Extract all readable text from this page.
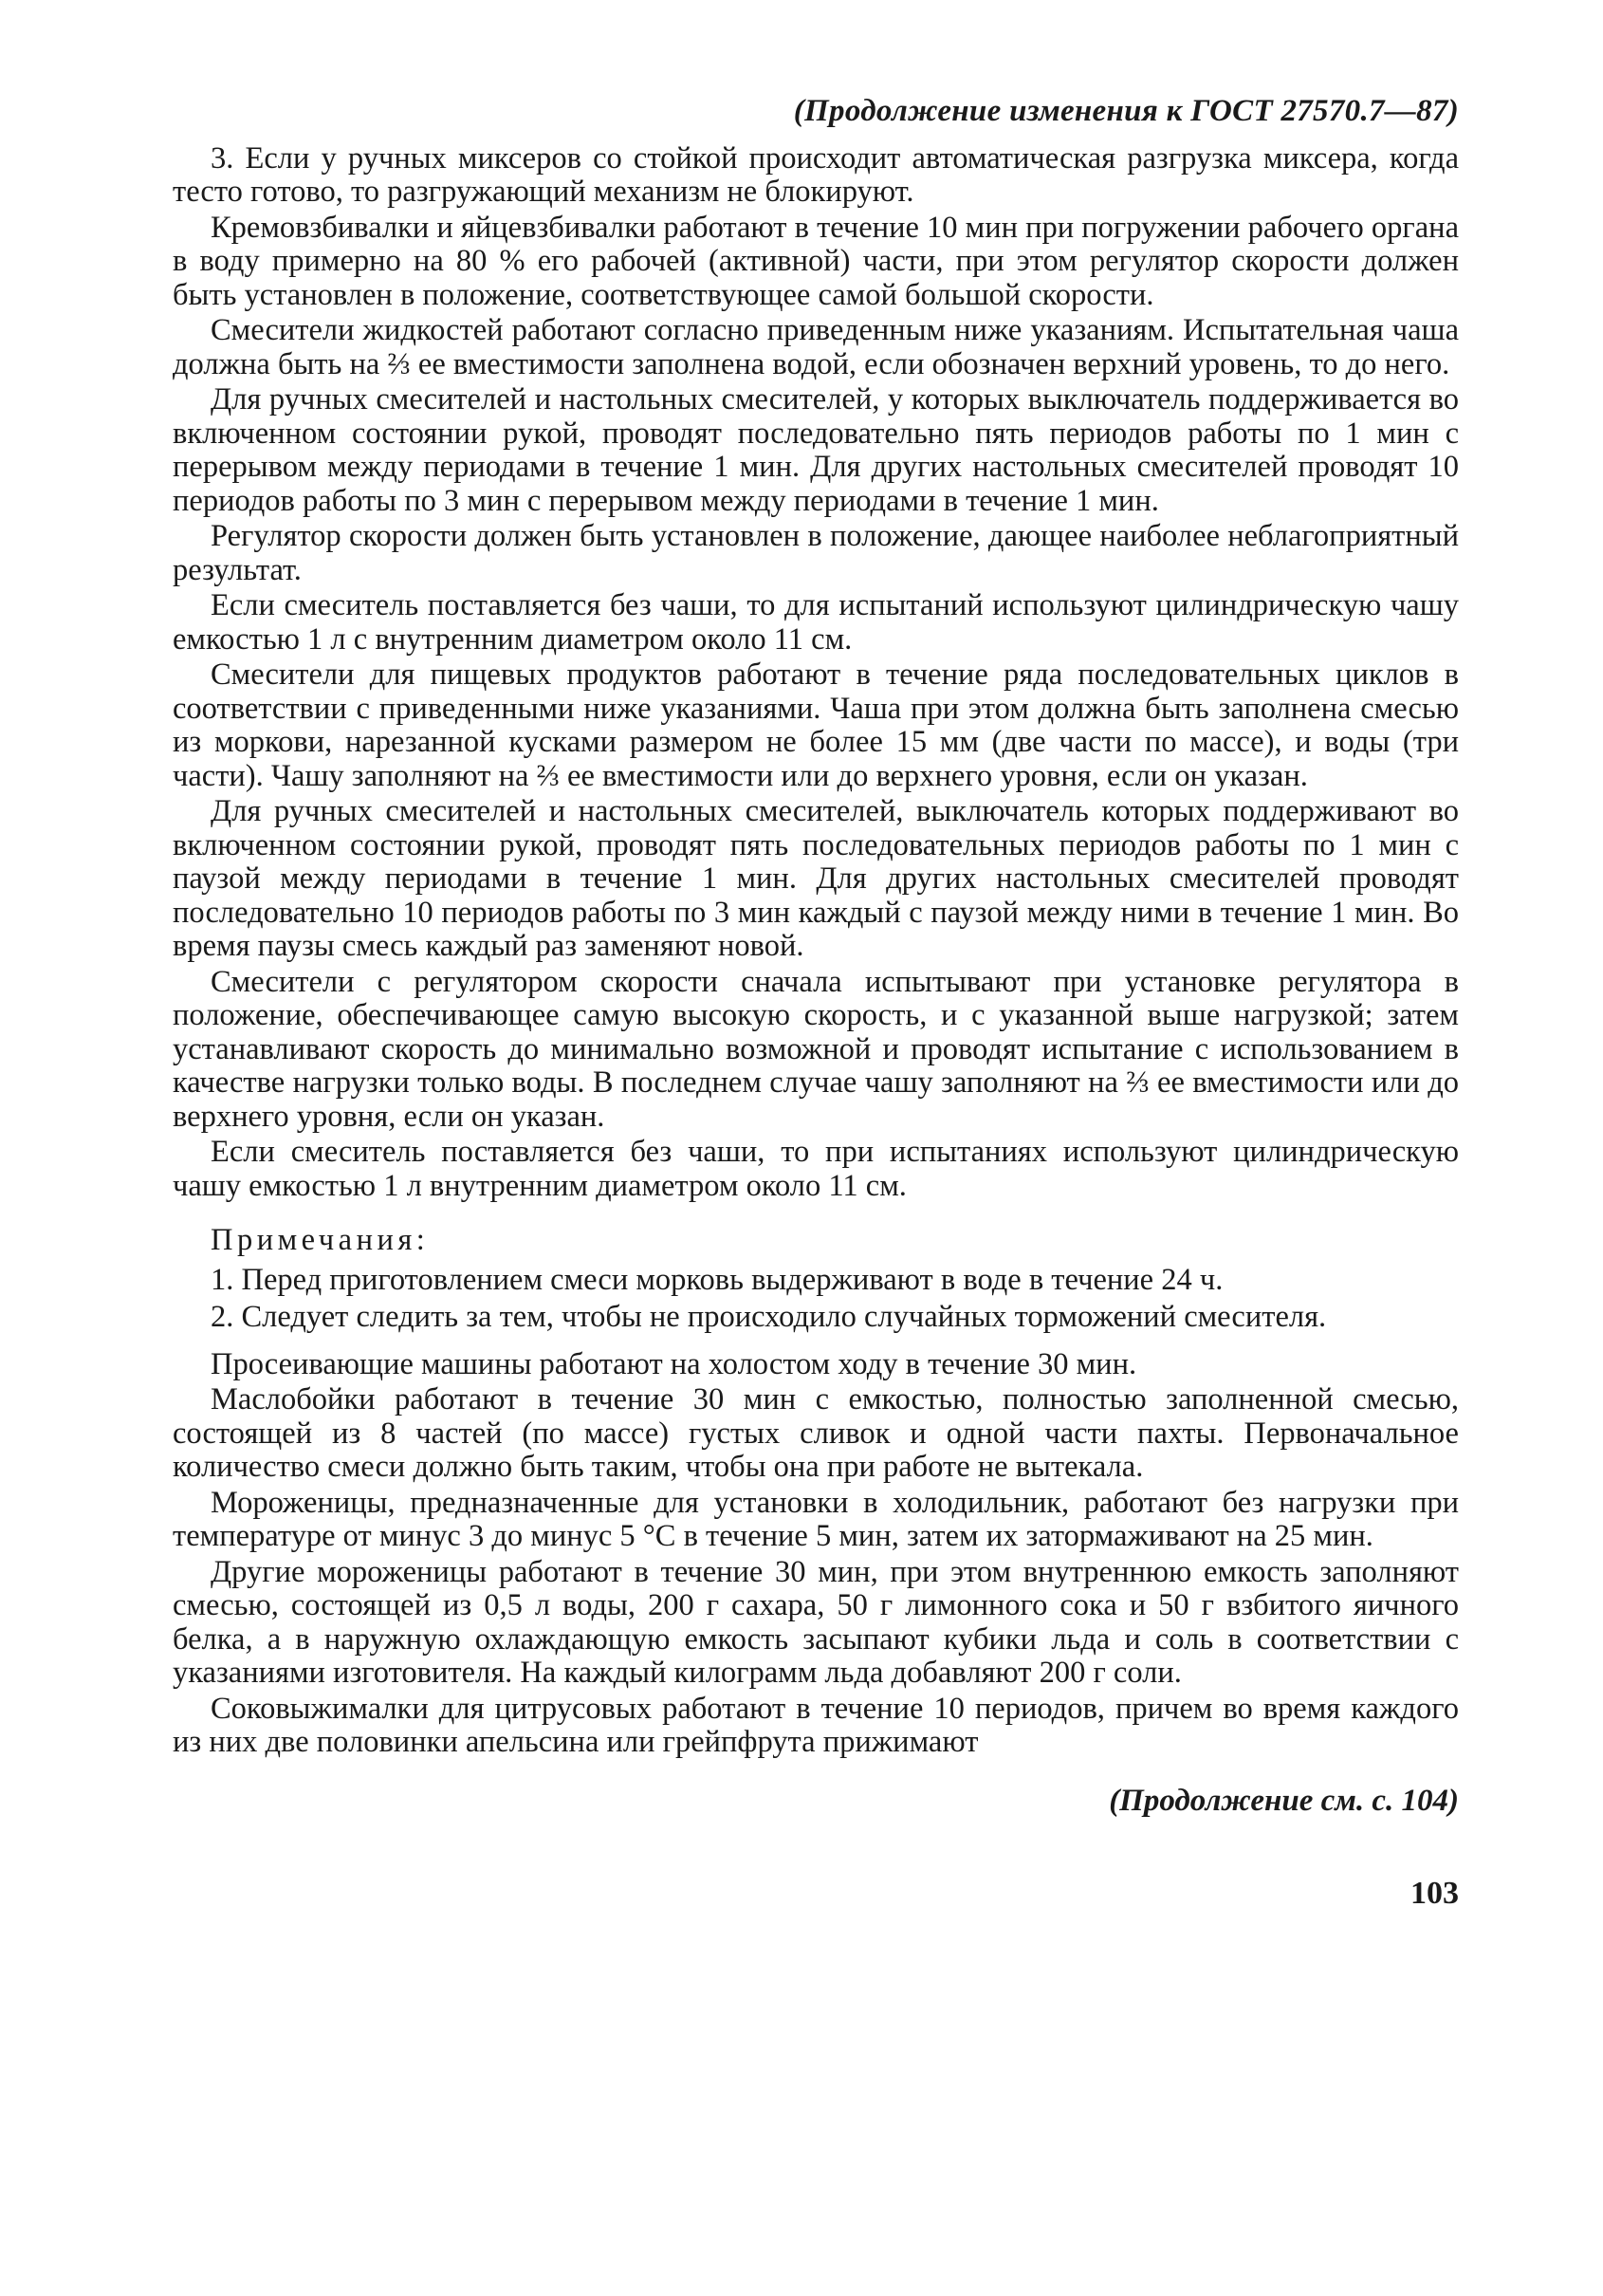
(Продолжение изменения к ГОСТ 27570.7—87)

3. Если у ручных миксеров со стойкой происходит автоматическая разгрузка миксера, когда тесто готово, то разгружающий механизм не блокируют.

Кремовзбивалки и яйцевзбивалки работают в течение 10 мин при погружении рабочего органа в воду примерно на 80 % его рабочей (активной) части, при этом регулятор скорости должен быть установлен в положение, соответствующее самой большой скорости.

Смесители жидкостей работают согласно приведенным ниже указаниям. Испытательная чаша должна быть на ⅔ ее вместимости заполнена водой, если обозначен верхний уровень, то до него.

Для ручных смесителей и настольных смесителей, у которых выключатель поддерживается во включенном состоянии рукой, проводят последовательно пять периодов работы по 1 мин с перерывом между периодами в течение 1 мин. Для других настольных смесителей проводят 10 периодов работы по 3 мин с перерывом между периодами в течение 1 мин.

Регулятор скорости должен быть установлен в положение, дающее наиболее неблагоприятный результат.

Если смеситель поставляется без чаши, то для испытаний используют цилиндрическую чашу емкостью 1 л с внутренним диаметром около 11 см.

Смесители для пищевых продуктов работают в течение ряда последовательных циклов в соответствии с приведенными ниже указаниями. Чаша при этом должна быть заполнена смесью из моркови, нарезанной кусками размером не более 15 мм (две части по массе), и воды (три части). Чашу заполняют на ⅔ ее вместимости или до верхнего уровня, если он указан.

Для ручных смесителей и настольных смесителей, выключатель которых поддерживают во включенном состоянии рукой, проводят пять последовательных периодов работы по 1 мин с паузой между периодами в течение 1 мин. Для других настольных смесителей проводят последовательно 10 периодов работы по 3 мин каждый с паузой между ними в течение 1 мин. Во время паузы смесь каждый раз заменяют новой.

Смесители с регулятором скорости сначала испытывают при установке регулятора в положение, обеспечивающее самую высокую скорость, и с указанной выше нагрузкой; затем устанавливают скорость до минимально возможной и проводят испытание с использованием в качестве нагрузки только воды. В последнем случае чашу заполняют на ⅔ ее вместимости или до верхнего уровня, если он указан.

Если смеситель поставляется без чаши, то при испытаниях используют цилиндрическую чашу емкостью 1 л внутренним диаметром около 11 см.

Примечания:

1. Перед приготовлением смеси морковь выдерживают в воде в течение 24 ч.

2. Следует следить за тем, чтобы не происходило случайных торможений смесителя.

Просеивающие машины работают на холостом ходу в течение 30 мин.

Маслобойки работают в течение 30 мин с емкостью, полностью заполненной смесью, состоящей из 8 частей (по массе) густых сливок и одной части пахты. Первоначальное количество смеси должно быть таким, чтобы она при работе не вытекала.

Мороженицы, предназначенные для установки в холодильник, работают без нагрузки при температуре от минус 3 до минус 5 °С в течение 5 мин, затем их затормаживают на 25 мин.

Другие мороженицы работают в течение 30 мин, при этом внутреннюю емкость заполняют смесью, состоящей из 0,5 л воды, 200 г сахара, 50 г лимонного сока и 50 г взбитого яичного белка, а в наружную охлаждающую емкость засыпают кубики льда и соль в соответствии с указаниями изготовителя. На каждый килограмм льда добавляют 200 г соли.

Соковыжималки для цитрусовых работают в течение 10 периодов, причем во время каждого из них две половинки апельсина или грейпфрута прижимают

(Продолжение см. с. 104)
103
